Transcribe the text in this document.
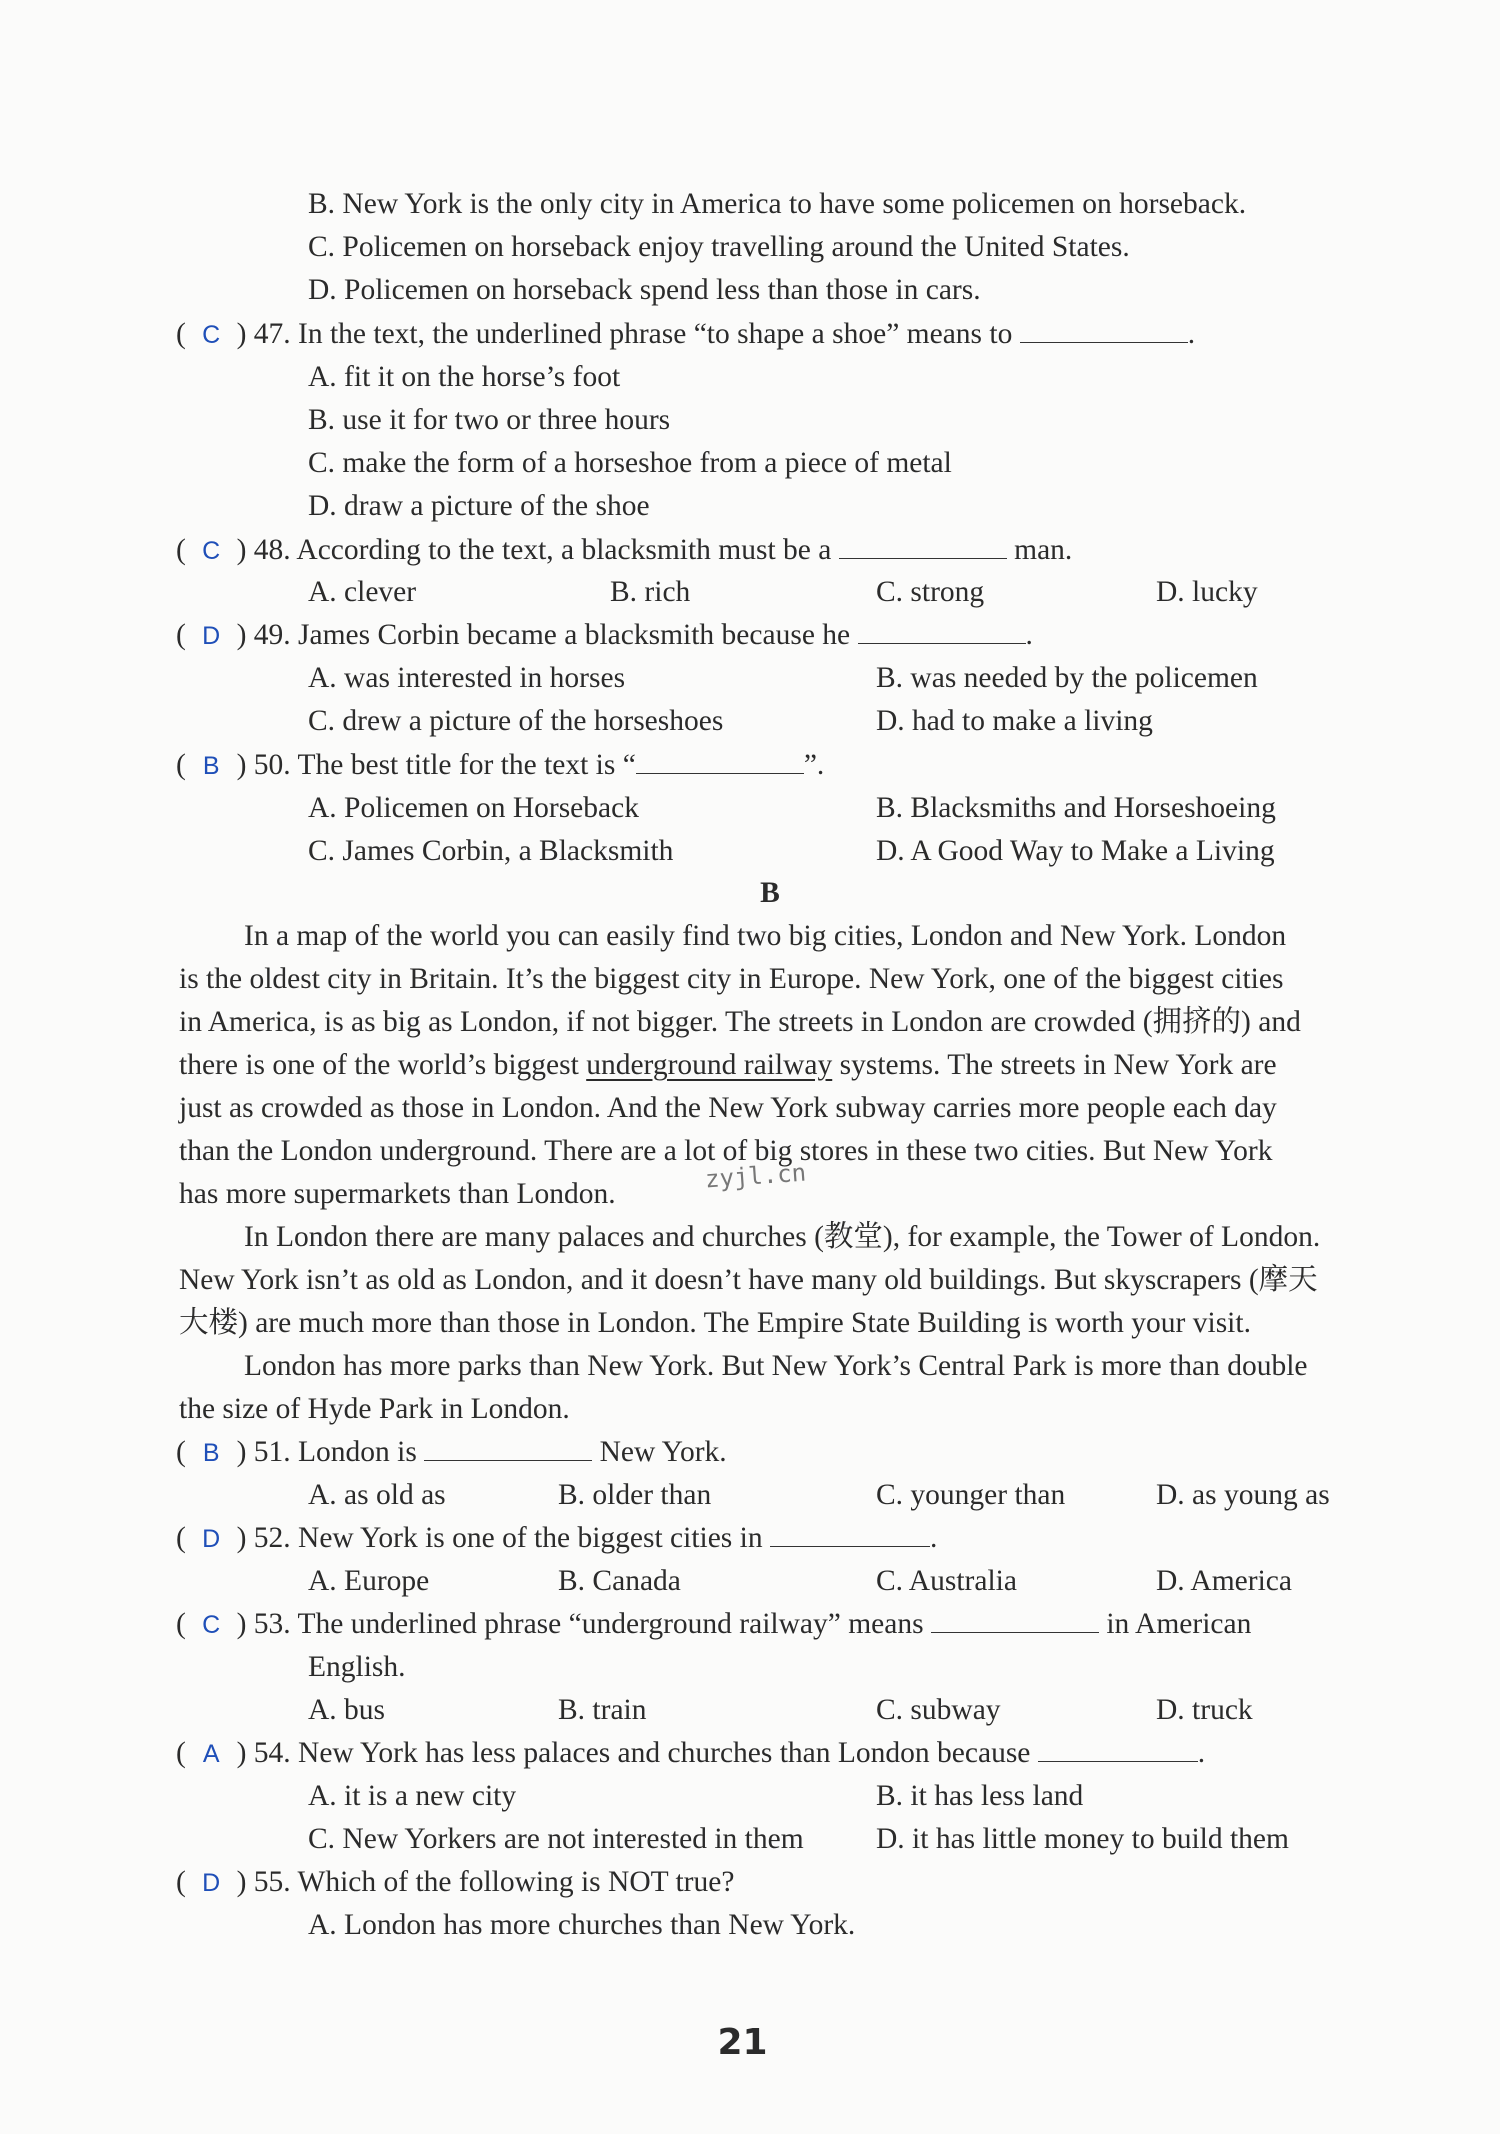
B. New York is the only city in America to have some policemen on horseback.
C. Policemen on horseback enjoy travelling around the United States.
D. Policemen on horseback spend less than those in cars.
( C ) 47. In the text, the underlined phrase “to shape a shoe” means to	.
A. fit it on the horse’s foot
B. use it for two or three hours
C. make the form of a horseshoe from a piece of metal
D. draw a picture of the shoe
( C ) 48. According to the text, a blacksmith must be a	man.
A. clever	B. rich	C. strong	D. lucky
( D ) 49. James Corbin became a blacksmith because he	.
A. was interested in horses	B. was needed by the policemen
C. drew a picture of the horseshoes	D. had to make a living
( B ) 50. The best title for the text is “	”.
A. Policemen on Horseback	B. Blacksmiths and Horseshoeing
C. James Corbin, a Blacksmith	D. A Good Way to Make a Living
B
In a map of the world you can easily find two big cities, London and New York. London
is the oldest city in Britain. It’s the biggest city in Europe. New York, one of the biggest cities
in America, is as big as London, if not bigger. The streets in London are crowded (拥挤的) and
there is one of the world’s biggest underground railway systems. The streets in New York are
just as crowded as those in London. And the New York subway carries more people each day
than the London underground. There are a lot of big stores in these two cities. But New York
has more supermarkets than London.
zyjl.cn
In London there are many palaces and churches (教堂), for example, the Tower of London.
New York isn’t as old as London, and it doesn’t have many old buildings. But skyscrapers (摩天
大楼) are much more than those in London. The Empire State Building is worth your visit.
London has more parks than New York. But New York’s Central Park is more than double
the size of Hyde Park in London.
( B ) 51. London is	New York.
A. as old as	B. older than	C. younger than	D. as young as
( D ) 52. New York is one of the biggest cities in	.
A. Europe	B. Canada	C. Australia	D. America
( C ) 53. The underlined phrase “underground railway” means	in American
English.
A. bus	B. train	C. subway	D. truck
( A ) 54. New York has less palaces and churches than London because	.
A. it is a new city	B. it has less land
C. New Yorkers are not interested in them D. it has little money to build them
( D ) 55. Which of the following is NOT true?
A. London has more churches than New York.
21
